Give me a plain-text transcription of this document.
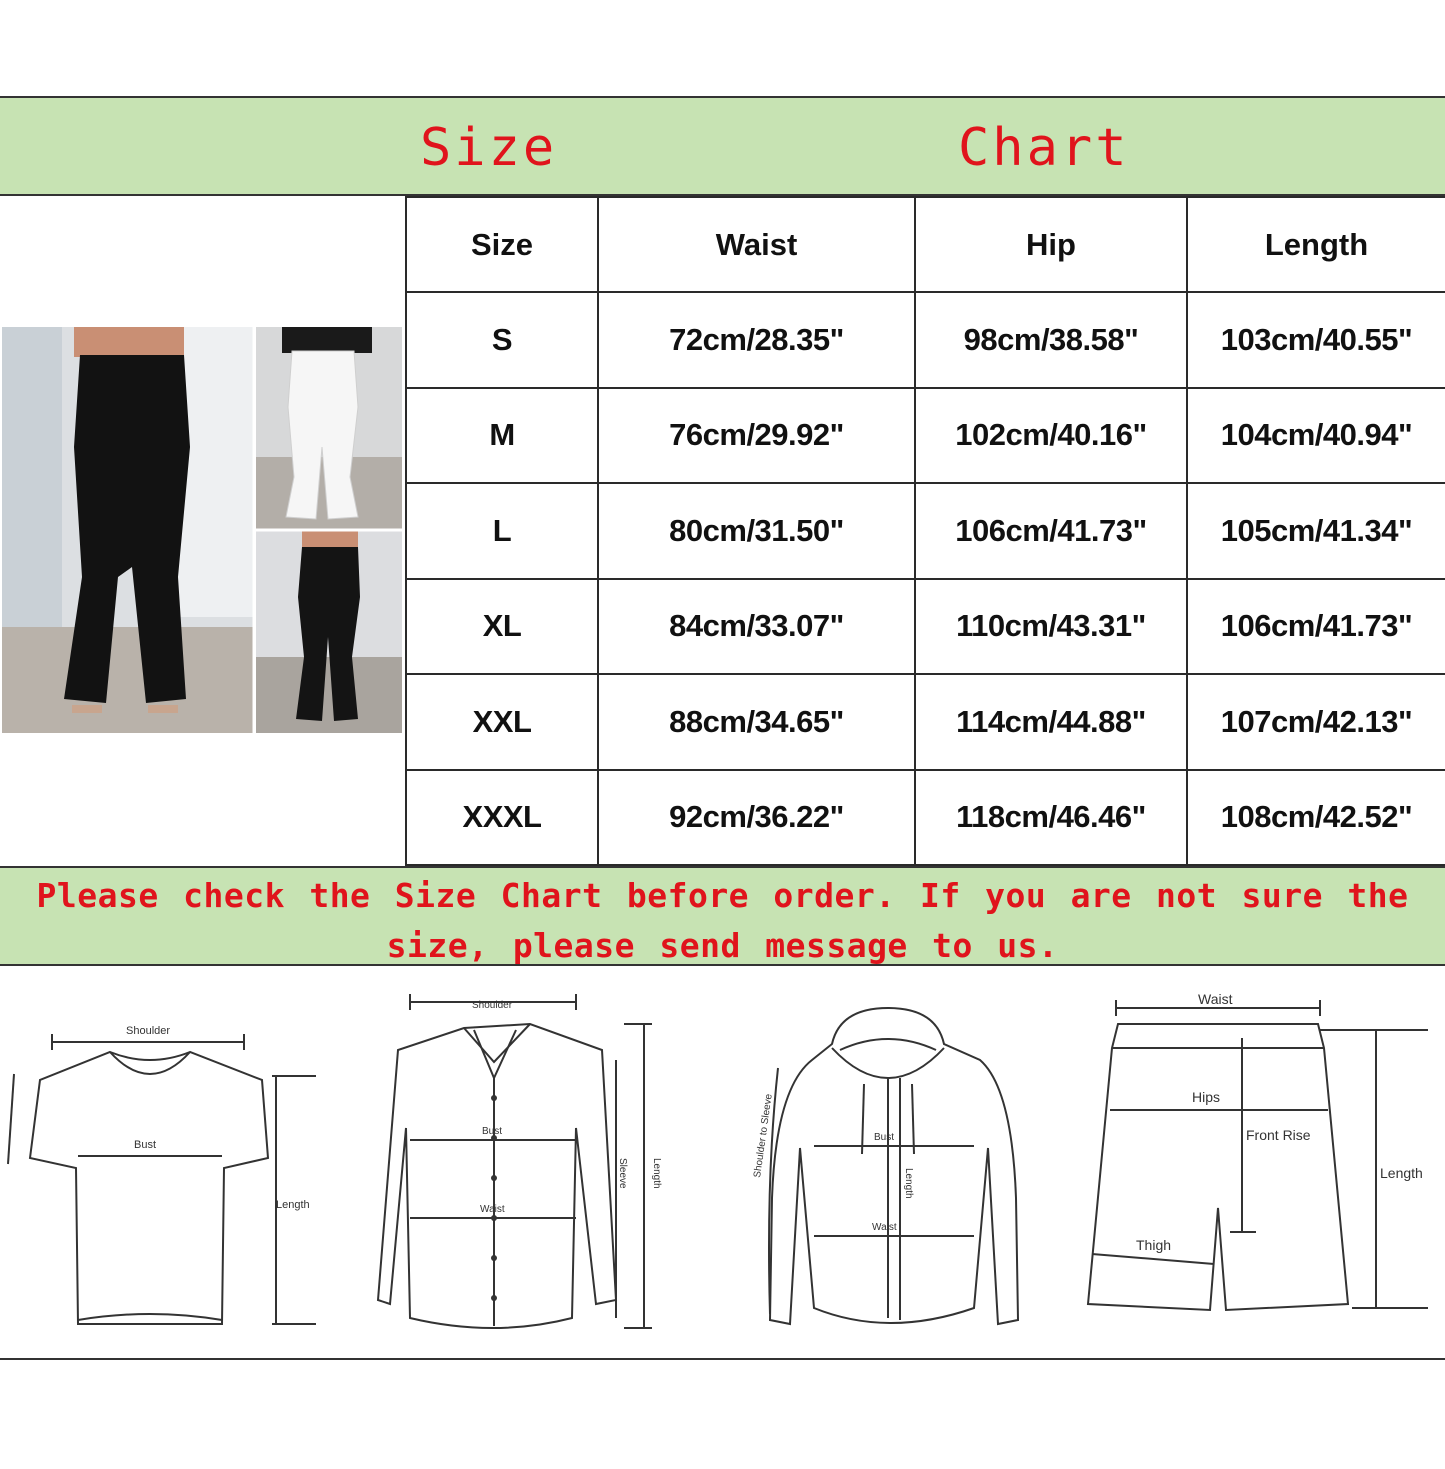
Size	Chart
Size	Waist	Hip	Length
S	72cm/28.35"	98cm/38.58"	103cm/40.55"
M	76cm/29.92"	102cm/40.16"	104cm/40.94"
L	80cm/31.50"	106cm/41.73"	105cm/41.34"
XL	84cm/33.07"	110cm/43.31"	106cm/41.73"
XXL	88cm/34.65"	114cm/44.88"	107cm/42.13"
XXXL	92cm/36.22"	118cm/46.46"	108cm/42.52"
Please check the Size Chart before order. If you are not sure the size, please send message to us.
Shoulder
Bust
Length
Shoulder
Bust
Waist
Sleeve Length
Bust
Waist
Length
Shoulder to Sleeve
Waist
Hips
Front Rise
Thigh
Length
